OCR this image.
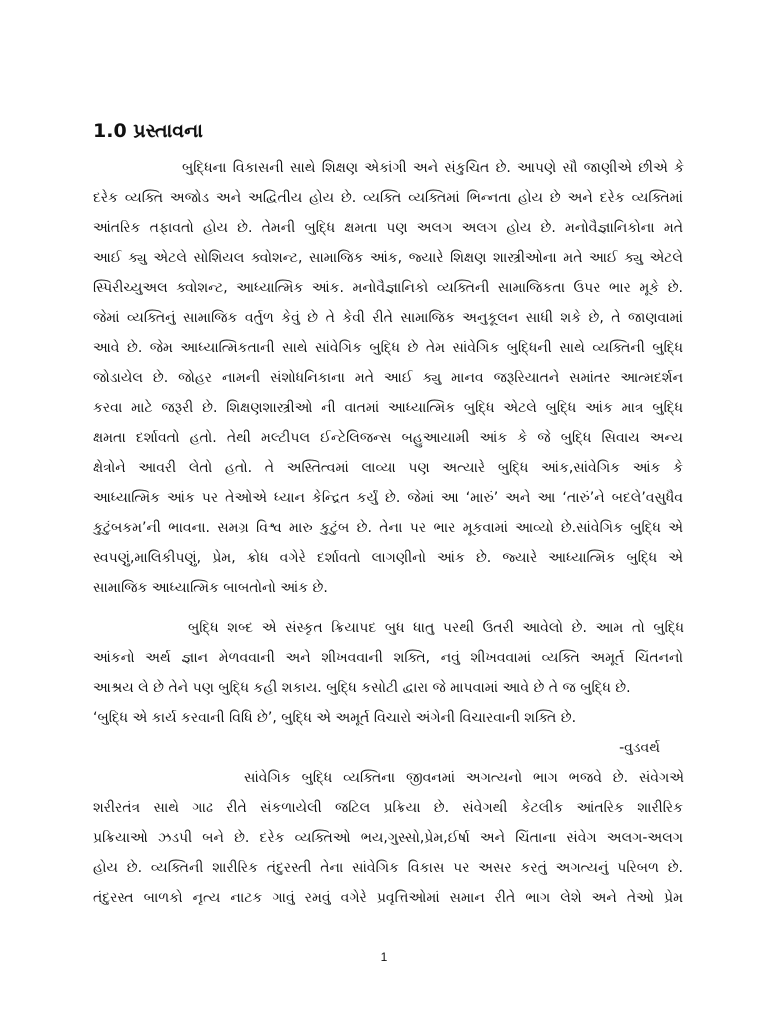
1.0 પ્રસ્તાવના
બુદ્ધિના વિકાસની સાથે શિક્ષણ એકાંગી અને સંકુચિત છે. આપણે સૌ જાણીએ છીએ કે
દરેક વ્યક્તિ અજોડ અને અદ્વિતીય હોય છે. વ્યક્તિ વ્યક્તિમાં ભિન્નતા હોય છે અને દરેક વ્યક્તિમાં
આંતરિક તફાવતો હોય છે. તેમની બુદ્ધિ ક્ષમતા પણ અલગ અલગ હોય છે. મનોવૈજ્ઞાનિકોના મતે
આઈ ક્યુ એટલે સોશિયલ ક્વોશન્ટ, સામાજિક આંક, જ્યારે શિક્ષણ શાસ્ત્રીઓના મતે આઈ ક્યુ એટલે
સ્પિરીચ્યુઅલ ક્વોશન્ટ, આધ્યાત્મિક આંક. મનોવૈજ્ઞાનિકો વ્યક્તિની સામાજિકતા ઉપર ભાર મૂકે છે.
જેમાં વ્યક્તિનું સામાજિક વર્તુળ કેવું છે તે કેવી રીતે સામાજિક અનુકૂલન સાધી શકે છે, તે જાણવામાં
આવે છે. જેમ આધ્યાત્મિકતાની સાથે સાંવેગિક બુદ્ધિ છે તેમ સાંવેગિક બુદ્ધિની સાથે વ્યક્તિની બુદ્ધિ
જોડાયેલ છે. જોહર નામની સંશોધનિકાના મતે આઈ ક્યુ માનવ જરૂરિયાતને સમાંતર આત્મદર્શન
કરવા માટે જરૂરી છે. શિક્ષણશાસ્ત્રીઓ ની વાતમાં આધ્યાત્મિક બુદ્ધિ એટલે બુદ્ધિ આંક માત્ર બુદ્ધિ
ક્ષમતા દર્શાવતો હતો. તેથી મલ્ટીપલ ઈન્ટેલિજન્સ બહુઆયામી આંક કે જે બુદ્ધિ સિવાય અન્ય
ક્ષેત્રોને આવરી લેતો હતો. તે અસ્તિત્વમાં લાવ્યા પણ અત્યારે બુદ્ધિ આંક,સાંવેગિક આંક કે
આધ્યાત્મિક આંક પર તેઓએ ધ્યાન કેન્દ્રિત કર્યું છે. જેમાં આ ‘મારું’ અને આ ‘તારું’ને બદલે’વસુધૈવ
કુટુંબકમ’ની ભાવના. સમગ્ર વિશ્વ મારુ કુટુંબ છે. તેના પર ભાર મૂકવામાં આવ્યો છે.સાંવેગિક બુદ્ધિ એ
સ્વપણું,માલિકીપણું, પ્રેમ, ક્રોધ વગેરે દર્શાવતો લાગણીનો આંક છે. જ્યારે આધ્યાત્મિક બુદ્ધિ એ
સામાજિક આધ્યાત્મિક બાબતોનો આંક છે.
બુદ્ધિ શબ્દ એ સંસ્કૃત ક્રિયાપદ બુધ ધાતુ પરથી ઉતરી આવેલો છે. આમ તો બુદ્ધિ
આંકનો અર્થ જ્ઞાન મેળવવાની અને શીખવવાની શક્તિ, નવું શીખવવામાં વ્યક્તિ અમૂર્ત ચિંતનનો
આશ્રય લે છે તેને પણ બુદ્ધિ કહી શકાય. બુદ્ધિ કસોટી દ્વારા જે માપવામાં આવે છે તે જ બુદ્ધિ છે.
‘બુદ્ધિ એ કાર્ય કરવાની વિધિ છે’, બુદ્ધિ એ અમૂર્ત વિચારો અંગેની વિચારવાની શક્તિ છે.
-વુડવર્થ
સાંવેગિક બુદ્ધિ વ્યક્તિના જીવનમાં અગત્યનો ભાગ ભજવે છે. સંવેગએ
શરીરતંત્ર સાથે ગાઢ રીતે સંકળાયેલી જટિલ પ્રક્રિયા છે. સંવેગથી કેટલીક આંતરિક શારીરિક
પ્રક્રિયાઓ ઝડપી બને છે. દરેક વ્યક્તિઓ ભય,ગુસ્સો,પ્રેમ,ઈર્ષા અને ચિંતાના સંવેગ અલગ-અલગ
હોય છે. વ્યક્તિની શારીરિક તંદુરસ્તી તેના સાંવેગિક વિકાસ પર અસર કરતું અગત્યનું પરિબળ છે.
તંદુરસ્ત બાળકો નૃત્ય નાટક ગાવું રમવું વગેરે પ્રવૃત્તિઓમાં સમાન રીતે ભાગ લેશે અને તેઓ પ્રેમ
1
